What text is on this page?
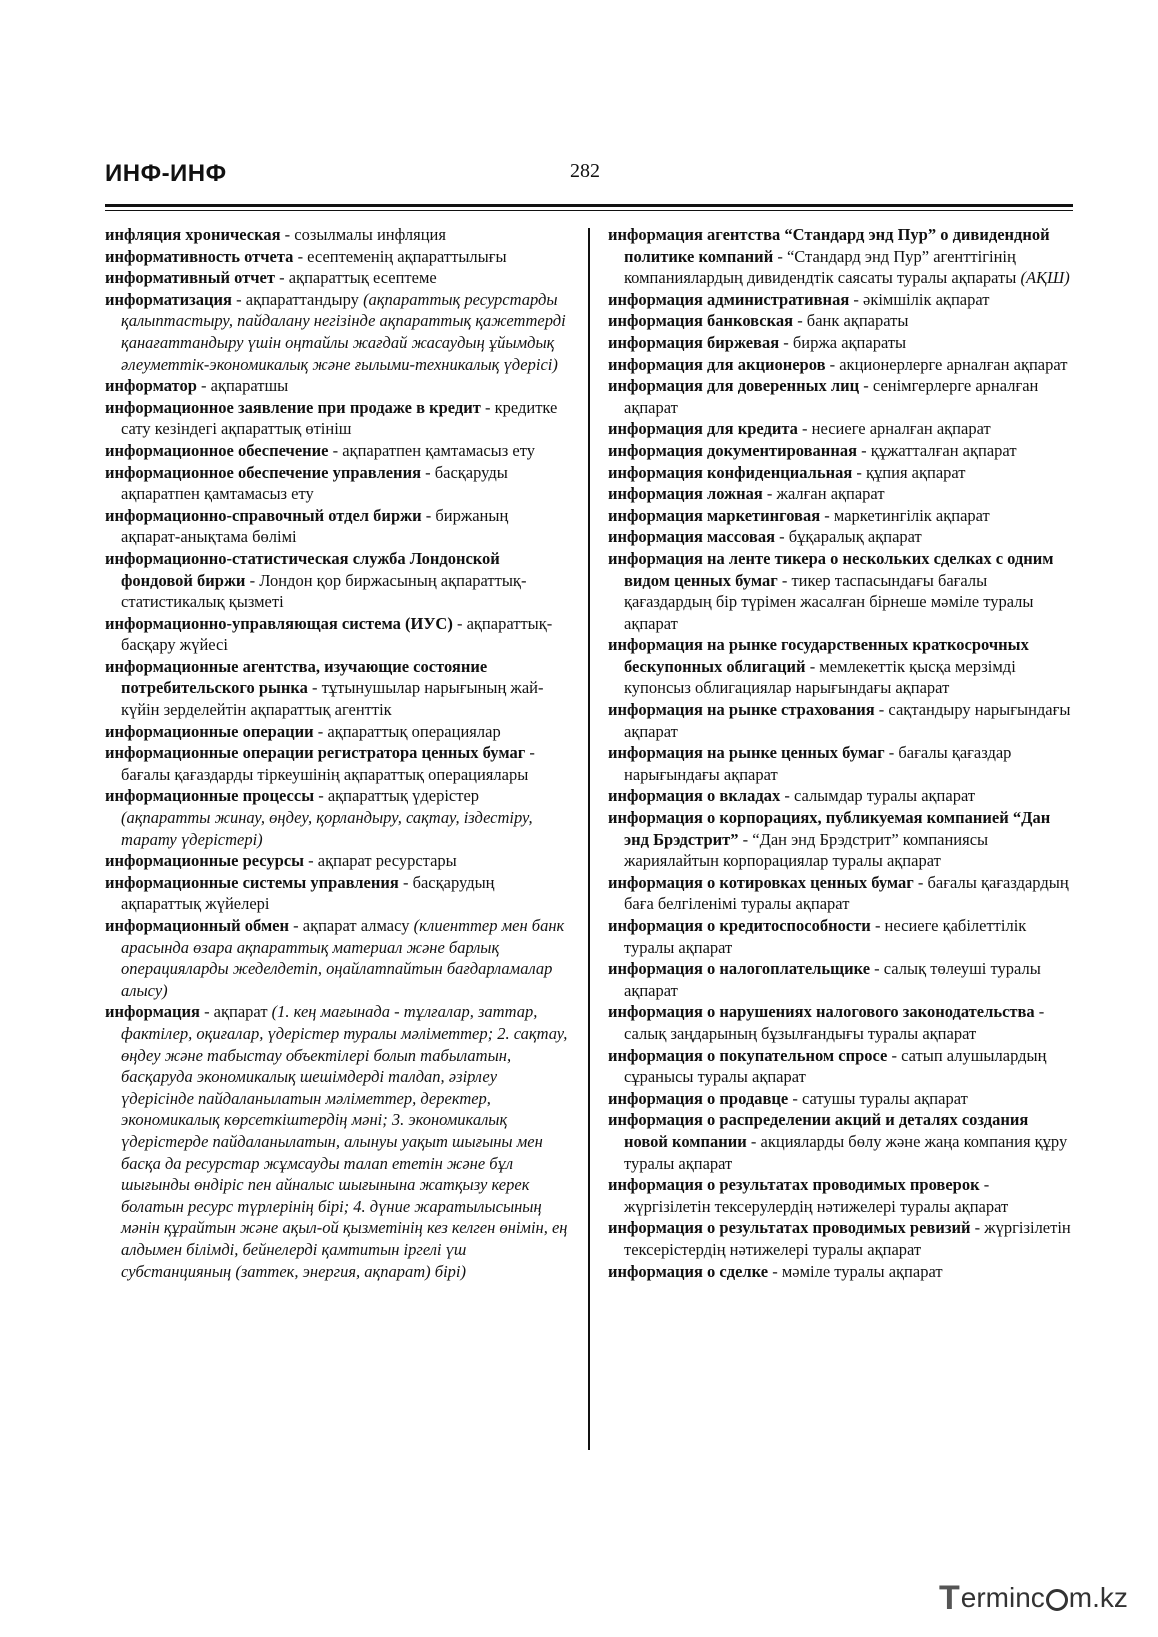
ИНФ-ИНФ	282

инфляция хроническая - созылмалы инфляция

информативность отчета - есептеменің ақпараттылығы

информативный отчет - ақпараттық есептеме

информатизация - ақпараттандыру (ақпараттық ресурстарды қалыптастыру, пайдалану негізінде ақпараттық қажеттерді қанағаттандыру үшін оңтайлы жағдай жасаудың ұйымдық әлеуметтік-экономикалық және ғылыми-техникалық үдерісі)

информатор - ақпаратшы

информационное заявление при продаже в кредит - кредитке сату кезіндегі ақпараттық өтініш

информационное обеспечение - ақпаратпен қамтамасыз ету

информационное обеспечение управления - басқаруды ақпаратпен қамтамасыз ету

информационно-справочный отдел биржи - биржаның ақпарат-анықтама бөлімі

информационно-статистическая служба Лондонской фондовой биржи - Лондон қор биржасының ақпараттық-статистикалық қызметі

информационно-управляющая система (ИУС) - ақпараттық-басқару жүйесі

информационные агентства, изучающие состояние потребительского рынка - тұтынушылар нарығының жай-күйін зерделейтін ақпараттық агенттік

информационные операции - ақпараттық операциялар

информационные операции регистратора ценных бумаг - бағалы қағаздарды тіркеушінің ақпараттық операциялары

информационные процессы - ақпараттық үдерістер (ақпаратты жинау, өңдеу, қорландыру, сақтау, іздестіру, тарату үдерістері)

информационные ресурсы - ақпарат ресурстары

информационные системы управления - басқарудың ақпараттық жүйелері

информационный обмен - ақпарат алмасу (клиенттер мен банк арасында өзара ақпараттық материал және барлық операцияларды жеделдетіп, оңайлатпайтын бағдарламалар алысу)

информация - ақпарат (1. кең мағынада - тұлғалар, заттар, фактілер, оқиғалар, үдерістер туралы мәліметтер; 2. сақтау, өңдеу және табыстау объектілері болып табылатын, басқаруда экономикалық шешімдерді талдап, әзірлеу үдерісінде пайдаланылатын мәліметтер, деректер, экономикалық көрсеткіштердің мәні; 3. экономикалық үдерістерде пайдаланылатын, алынуы уақыт шығыны мен басқа да ресурстар жұмсауды талап ететін және бұл шығынды өндіріс пен айналыс шығынына жатқызу керек болатын ресурс түрлерінің бірі; 4. дүние жаратылысының мәнін құрайтын және ақыл-ой қызметінің кез келген өнімін, ең алдымен білімді, бейнелерді қамтитын іргелі үш субстанцияның (заттек, энергия, ақпарат) бірі)

информация агентства “Стандард энд Пур” о дивидендной политике компаний - “Стандард энд Пур” агенттігінің компаниялардың дивидендтік саясаты туралы ақпараты (АҚШ)

информация административная - әкімшілік ақпарат

информация банковская - банк ақпараты

информация биржевая - биржа ақпараты

информация для акционеров - акционерлерге арналған ақпарат

информация для доверенных лиц - сенімгерлерге арналған ақпарат

информация для кредита - несиеге арналған ақпарат

информация документированная - құжатталған ақпарат

информация конфиденциальная - құпия ақпарат

информация ложная - жалған ақпарат

информация маркетинговая - маркетингілік ақпарат

информация массовая - бұқаралық ақпарат

информация на ленте тикера о нескольких сделках с одним видом ценных бумаг - тикер таспасындағы бағалы қағаздардың бір түрімен жасалған бірнеше мәміле туралы ақпарат

информация на рынке государственных краткосрочных бескупонных облигаций - мемлекеттік қысқа мерзімді купонсыз облигациялар нарығындағы ақпарат

информация на рынке страхования - сақтандыру нарығындағы ақпарат

информация на рынке ценных бумаг - бағалы қағаздар нарығындағы ақпарат

информация о вкладах - салымдар туралы ақпарат

информация о корпорациях, публикуемая компанией “Дан энд Брэдстрит” - “Дан энд Брэдстрит” компаниясы жариялайтын корпорациялар туралы ақпарат

информация о котировках ценных бумаг - бағалы қағаздардың баға белгіленімі туралы ақпарат

информация о кредитоспособности - несиеге қабілеттілік туралы ақпарат

информация о налогоплательщике - салық төлеуші туралы ақпарат

информация о нарушениях налогового законодательства - салық заңдарының бұзылғандығы туралы ақпарат

информация о покупательном спросе - сатып алушылардың сұранысы туралы ақпарат

информация о продавце - сатушы туралы ақпарат

информация о распределении акций и деталях создания новой компании - акцияларды бөлу және жаңа компания құру туралы ақпарат

информация о результатах проводимых проверок - жүргізілетін тексерулердің нәтижелері туралы ақпарат

информация о результатах проводимых ревизий - жүргізілетін тексерістердің нәтижелері туралы ақпарат

информация о сделке - мәміле туралы ақпарат

T erminc m.kz
